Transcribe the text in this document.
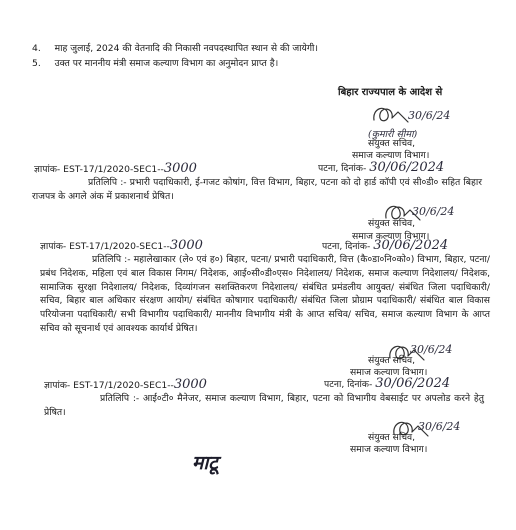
4. माह जुलाई, 2024 की वेतनादि की निकासी नवपदस्थापित स्थान से की जायेगी।
5. उक्त पर माननीय मंत्री समाज कल्याण विभाग का अनुमोदन प्राप्त है।
बिहार राज्यपाल के आदेश से
30/6/24
(कुमारी सीमा)
संयुक्त सचिव,
समाज कल्याण विभाग।
ज्ञापांक- EST-17/1/2020-SEC1--3000	पटना, दिनांक- 30/06/2024
प्रतिलिपि :- प्रभारी पदाधिकारी, ई-गजट कोषांग, वित्त विभाग, बिहार, पटना को दो हार्ड कॉपी एवं सी०डी० सहित बिहार राजपत्र के अगले अंक में प्रकाशनार्थ प्रेषित।
30/6/24
संयुक्त सचिव,
समाज कल्याण विभाग।
ज्ञापांक- EST-17/1/2020-SEC1--3000	पटना, दिनांक- 30/06/2024
प्रतिलिपि :- महालेखाकार (ले० एवं ह०) बिहार, पटना/ प्रभारी पदाधिकारी, वित्त (कै०डा०नि०को०) विभाग, बिहार, पटना/ प्रबंध निदेशक, महिला एवं बाल विकास निगम/ निदेशक, आई०सी०डी०एस० निदेशालय/ निदेशक, समाज कल्याण निदेशालय/ निदेशक, सामाजिक सुरक्षा निदेशालय/ निदेशक, दिव्यांगजन सशक्तिकरण निदेशालय/ संबंधित प्रमंडलीय आयुक्त/ संबंधित जिला पदाधिकारी/ सचिव, बिहार बाल अधिकार संरक्षण आयोग/ संबंधित कोषागार पदाधिकारी/ संबंधित जिला प्रोग्राम पदाधिकारी/ संबंधित बाल विकास परियोजना पदाधिकारी/ सभी विभागीय पदाधिकारी/ माननीय विभागीय मंत्री के आप्त सचिव/ सचिव, समाज कल्याण विभाग के आप्त सचिव को सूचनार्थ एवं आवश्यक कार्यार्थ प्रेषित।
30/6/24
संयुक्त सचिव,
समाज कल्याण विभाग।
ज्ञापांक- EST-17/1/2020-SEC1--3000	पटना, दिनांक- 30/06/2024
प्रतिलिपि :- आई०टी० मैनेजर, समाज कल्याण विभाग, बिहार, पटना को विभागीय वेबसाईट पर अपलोड करने हेतु प्रेषित।
30/6/24
संयुक्त सचिव,
समाज कल्याण विभाग।
माटू
